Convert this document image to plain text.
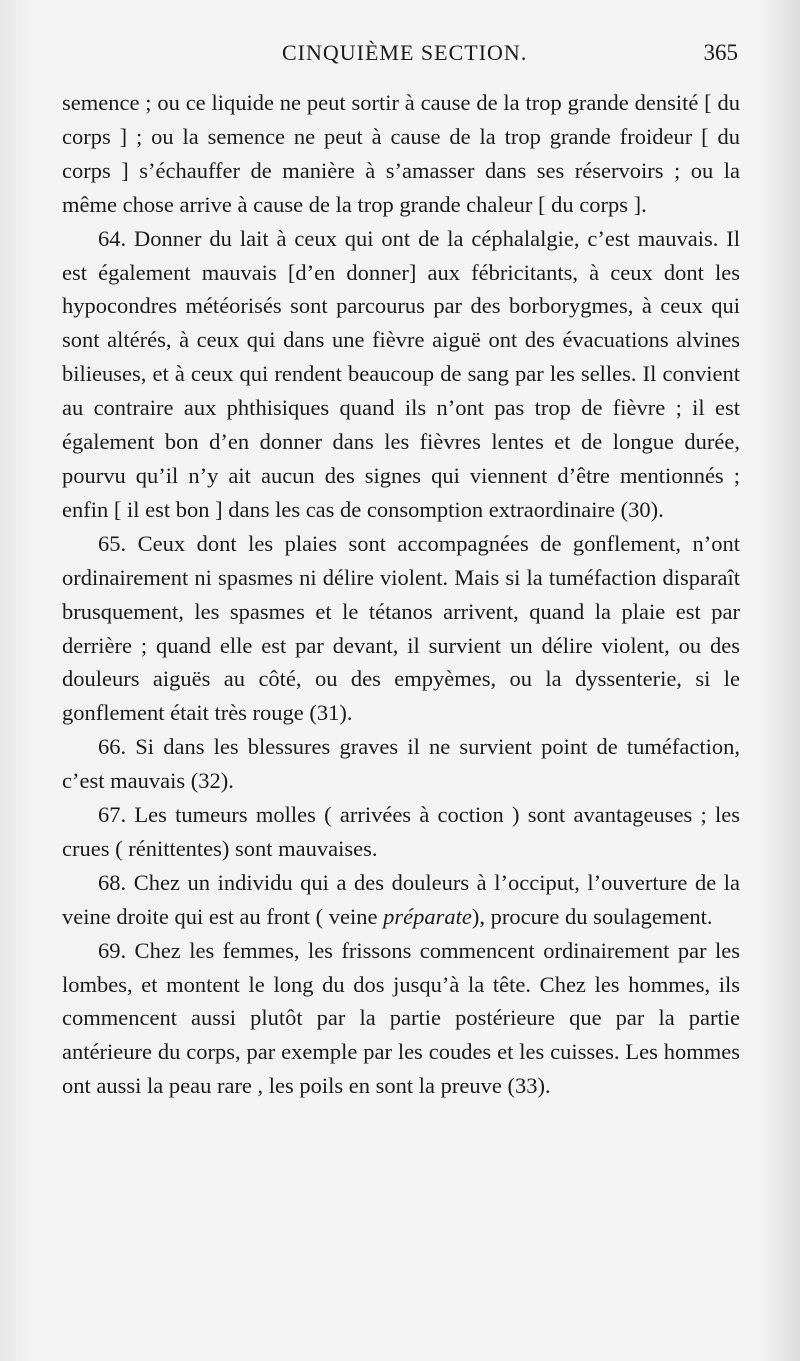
CINQUIÈME SECTION.	365

semence ; ou ce liquide ne peut sortir à cause de la trop grande densité [ du corps ] ; ou la semence ne peut à cause de la trop grande froideur [ du corps ] s’échauffer de manière à s’amasser dans ses réservoirs ; ou la même chose arrive à cause de la trop grande chaleur [ du corps ].

64. Donner du lait à ceux qui ont de la céphalalgie, c’est mauvais. Il est également mauvais [d’en donner] aux fébricitants, à ceux dont les hypocondres météorisés sont parcourus par des borborygmes, à ceux qui sont altérés, à ceux qui dans une fièvre aiguë ont des évacuations alvines bilieuses, et à ceux qui rendent beaucoup de sang par les selles. Il convient au contraire aux phthisiques quand ils n’ont pas trop de fièvre ; il est également bon d’en donner dans les fièvres lentes et de longue durée, pourvu qu’il n’y ait aucun des signes qui viennent d’être mentionnés ; enfin [ il est bon ] dans les cas de consomption extraordinaire (30).

65. Ceux dont les plaies sont accompagnées de gonflement, n’ont ordinairement ni spasmes ni délire violent. Mais si la tuméfaction disparaît brusquement, les spasmes et le tétanos arrivent, quand la plaie est par derrière ; quand elle est par devant, il survient un délire violent, ou des douleurs aiguës au côté, ou des empyèmes, ou la dyssenterie, si le gonflement était très rouge (31).

66. Si dans les blessures graves il ne survient point de tuméfaction, c’est mauvais (32).

67. Les tumeurs molles ( arrivées à coction ) sont avantageuses ; les crues ( rénittentes) sont mauvaises.

68. Chez un individu qui a des douleurs à l’occiput, l’ouverture de la veine droite qui est au front ( veine préparate), procure du soulagement.

69. Chez les femmes, les frissons commencent ordinairement par les lombes, et montent le long du dos jusqu’à la tête. Chez les hommes, ils commencent aussi plutôt par la partie postérieure que par la partie antérieure du corps, par exemple par les coudes et les cuisses. Les hommes ont aussi la peau rare , les poils en sont la preuve (33).
